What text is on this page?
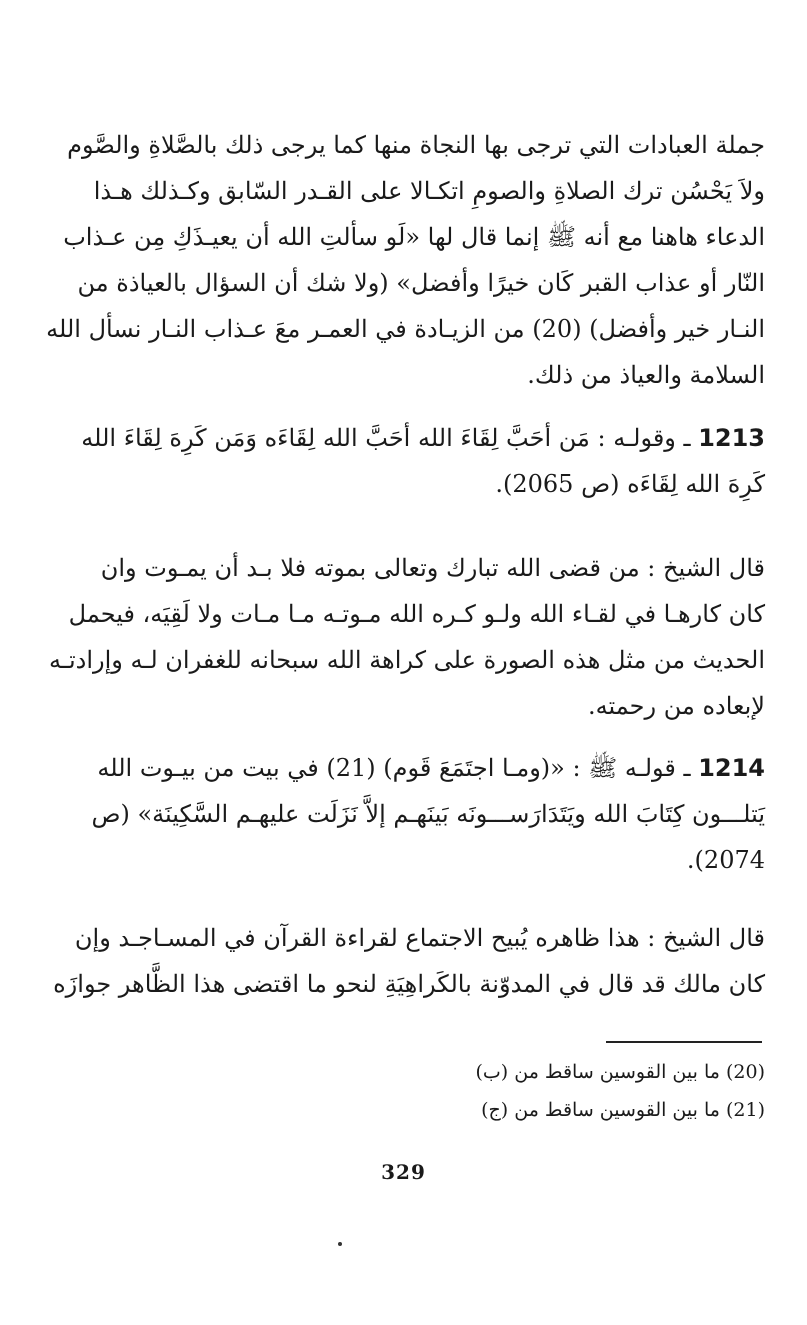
جملة العبادات التي ترجى بها النجاة منها كما يرجى ذلك بالصَّلاةِ والصَّوم
ولاَ يَحْسُن ترك الصلاةِ والصومِ اتكـالا على القـدر السّابق وكـذلك هـذا
الدعاء هاهنا مع أنه ﷺ إنما قال لها «لَو سألتِ الله أن يعيـذَكِ مِن عـذاب
النّار أو عذاب القبر كَان خيرًا وأفضل» (ولا شك أن السؤال بالعياذة من
النـار خير وأفضل) (20) من الزيـادة في العمـر معَ عـذاب النـار نسأل الله
السلامة والعياذ من ذلك.
1213 ـ وقولـه : مَن أحَبَّ لِقَاءَ الله أحَبَّ الله لِقَاءَه وَمَن كَرِهَ لِقَاءَ الله
كَرِهَ الله لِقَاءَه (ص 2065).
قال الشيخ : من قضى الله تبارك وتعالى بموته فلا بـد أن يمـوت وان
كان كارهـا في لقـاء الله ولـو كـره الله مـوتـه مـا مـات ولا لَقِيَه، فيحمل
الحديث من مثل هذه الصورة على كراهة الله سبحانه للغفران لـه وإرادتـه
لإبعاده من رحمته.
1214 ـ قولـه ﷺ : «(ومـا اجتَمَعَ قَوم) (21) في بيت من بيـوت الله
يَتلـــون كِتَابَ الله ويَتَدَارَســـونَه بَينَهـم إلاَّ نَزَلَت عليهـم السَّكِينَة» (ص
2074).
قال الشيخ : هذا ظاهره يُبيح الاجتماع لقراءة القرآن في المسـاجـد وإن
كان مالك قد قال في المدوّنة بالكَراهِيَةِ لنحو ما اقتضى هذا الظَّاهر جوازَه
(20) ما بين القوسين ساقط من (ب)
(21) ما بين القوسين ساقط من (ج)
329
